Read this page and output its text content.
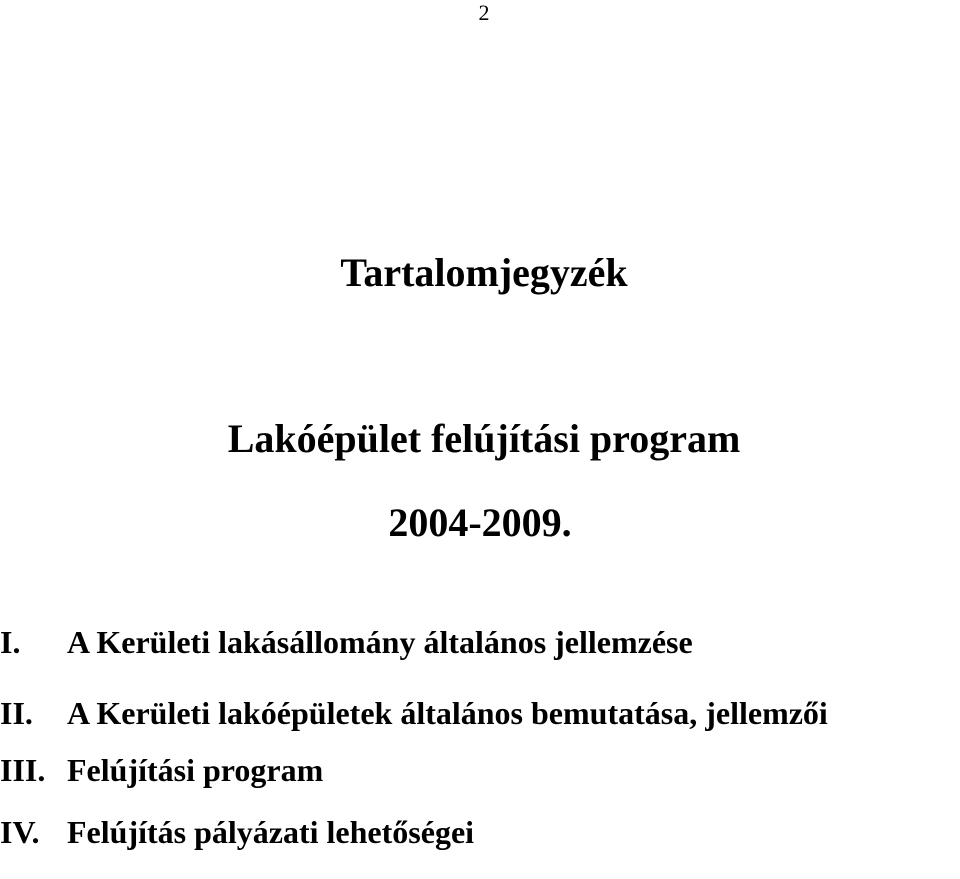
2
Tartalomjegyzék
Lakóépület felújítási program
2004-2009.
I. A Kerületi lakásállomány általános jellemzése
II. A Kerületi lakóépületek általános bemutatása, jellemzői
III. Felújítási program
IV. Felújítás pályázati lehetőségei
